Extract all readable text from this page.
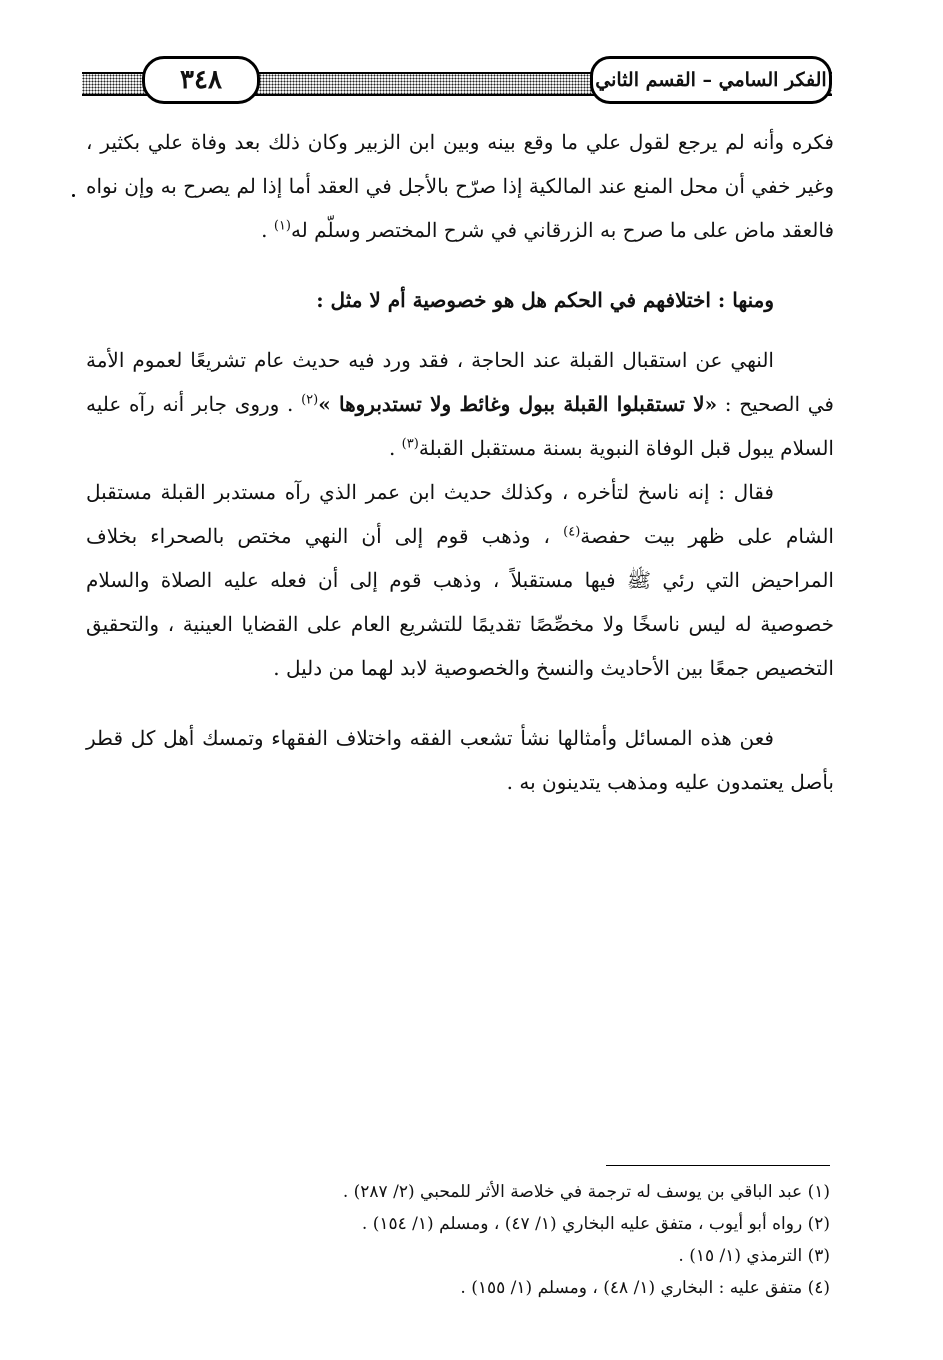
٣٤٨	الفكر السامي – القسم الثاني

فكره وأنه لم يرجع لقول علي ما وقع بينه وبين ابن الزبير وكان ذلك بعد وفاة علي بكثير ، وغير خفي أن محل المنع عند المالكية إذا صرّح بالأجل في العقد أما إذا لم يصرح به وإن نواه فالعقد ماض على ما صرح به الزرقاني في شرح المختصر وسلّم له$^{(١)}$ .

ومنها : اختلافهم في الحكم هل هو خصوصية أم لا مثل :

النهي عن استقبال القبلة عند الحاجة ، فقد ورد فيه حديث عام تشريعًا لعموم الأمة في الصحيح : «لا تستقبلوا القبلة ببول وغائط ولا تستدبروها »$^{(٢)}$ . وروى جابر أنه رآه عليه السلام يبول قبل الوفاة النبوية بسنة مستقبل القبلة$^{(٣)}$ .

فقال : إنه ناسخ لتأخره ، وكذلك حديث ابن عمر الذي رآه مستدبر القبلة مستقبل الشام على ظهر بيت حفصة$^{(٤)}$ ، وذهب قوم إلى أن النهي مختص بالصحراء بخلاف المراحيض التي رئي ﷺ فيها مستقبلاً ، وذهب قوم إلى أن فعله عليه الصلاة والسلام خصوصية له ليس ناسخًا ولا مخصِّصًا تقديمًا للتشريع العام على القضايا العينية ، والتحقيق التخصيص جمعًا بين الأحاديث والنسخ والخصوصية لابد لهما من دليل .

فعن هذه المسائل وأمثالها نشأ تشعب الفقه واختلاف الفقهاء وتمسك أهل كل قطر بأصل يعتمدون عليه ومذهب يتدينون به .

(١) عبد الباقي بن يوسف له ترجمة في خلاصة الأثر للمحبي (٢/ ٢٨٧) .
(٢) رواه أبو أيوب ، متفق عليه البخاري (١/ ٤٧) ، ومسلم (١/ ١٥٤) .
(٣) الترمذي (١/ ١٥) .
(٤) متفق عليه : البخاري (١/ ٤٨) ، ومسلم (١/ ١٥٥) .
